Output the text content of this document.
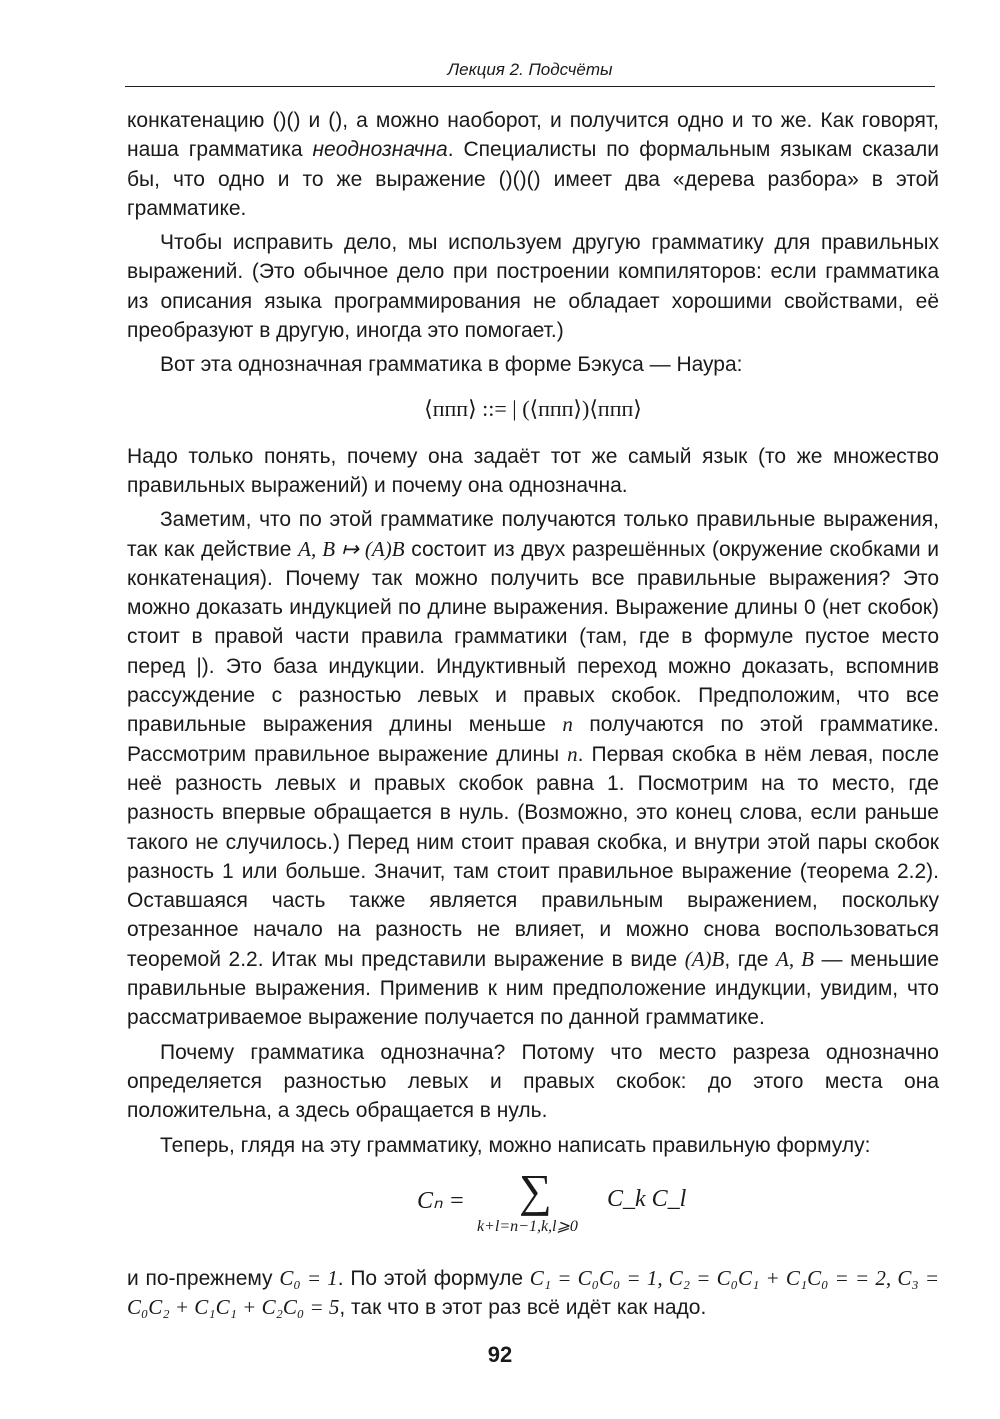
Лекция 2. Подсчёты

конкатенацию ()() и (), а можно наоборот, и получится одно и то же. Как говорят, наша грамматика неоднозначна. Специалисты по формальным языкам сказали бы, что одно и то же выражение ()()() имеет два «дерева разбора» в этой грамматике.

Чтобы исправить дело, мы используем другую грамматику для правильных выражений. (Это обычное дело при построении компиляторов: если грамматика из описания языка программирования не обладает хорошими свойствами, её преобразуют в другую, иногда это помогает.)

Вот эта однозначная грамматика в форме Бэкуса — Наура:

⟨ппп⟩ ::= | (⟨ппп⟩)⟨ппп⟩

Надо только понять, почему она задаёт тот же самый язык (то же множество правильных выражений) и почему она однозначна.

Заметим, что по этой грамматике получаются только правильные выражения, так как действие A, B ↦ (A)B состоит из двух разрешённых (окружение скобками и конкатенация). Почему так можно получить все правильные выражения? Это можно доказать индукцией по длине выражения. Выражение длины 0 (нет скобок) стоит в правой части правила грамматики (там, где в формуле пустое место перед |). Это база индукции. Индуктивный переход можно доказать, вспомнив рассуждение с разностью левых и правых скобок. Предположим, что все правильные выражения длины меньше n получаются по этой грамматике. Рассмотрим правильное выражение длины n. Первая скобка в нём левая, после неё разность левых и правых скобок равна 1. Посмотрим на то место, где разность впервые обращается в нуль. (Возможно, это конец слова, если раньше такого не случилось.) Перед ним стоит правая скобка, и внутри этой пары скобок разность 1 или больше. Значит, там стоит правильное выражение (теорема 2.2). Оставшаяся часть также является правильным выражением, поскольку отрезанное начало на разность не влияет, и можно снова воспользоваться теоремой 2.2. Итак мы представили выражение в виде (A)B, где A, B — меньшие правильные выражения. Применив к ним предположение индукции, увидим, что рассматриваемое выражение получается по данной грамматике.

Почему грамматика однозначна? Потому что место разреза однозначно определяется разностью левых и правых скобок: до этого места она положительна, а здесь обращается в нуль.

Теперь, глядя на эту грамматику, можно написать правильную формулу:

Cₙ = ∑
k+l=n−1,k,l⩾0
C_k C_l

и по-прежнему C₀ = 1. По этой формуле C₁ = C₀C₀ = 1, C₂ = C₀C₁ + C₁C₀ = = 2, C₃ = C₀C₂ + C₁C₁ + C₂C₀ = 5, так что в этот раз всё идёт как надо.

92
